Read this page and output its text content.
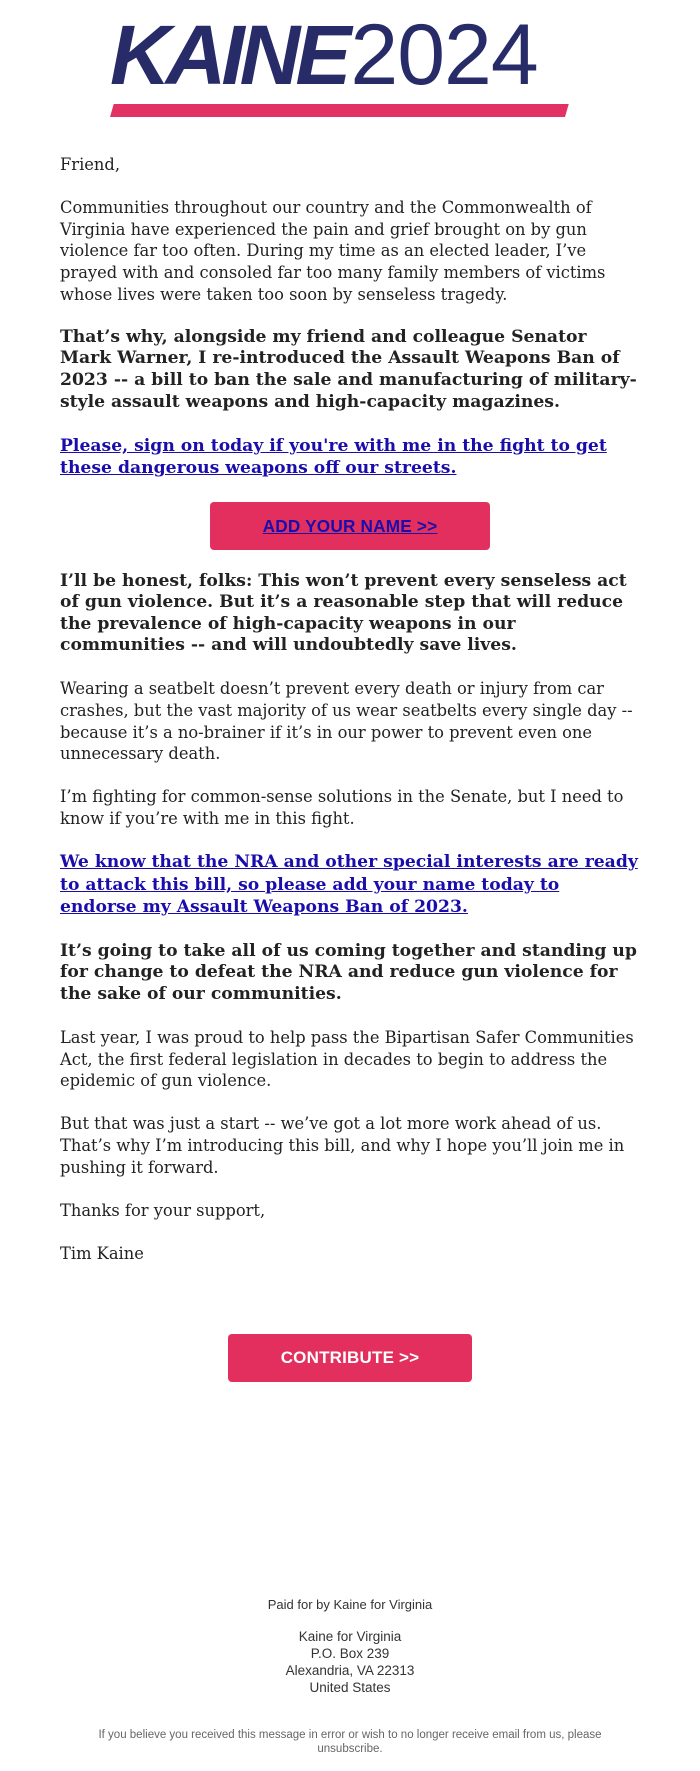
KAINE2024

Friend,

Communities throughout our country and the Commonwealth of Virginia have experienced the pain and grief brought on by gun violence far too often. During my time as an elected leader, I’ve prayed with and consoled far too many family members of victims whose lives were taken too soon by senseless tragedy.

That’s why, alongside my friend and colleague Senator Mark Warner, I re-introduced the Assault Weapons Ban of 2023 -- a bill to ban the sale and manufacturing of military-style assault weapons and high-capacity magazines.

Please, sign on today if you're with me in the fight to get these dangerous weapons off our streets.

ADD YOUR NAME >>

I’ll be honest, folks: This won’t prevent every senseless act of gun violence. But it’s a reasonable step that will reduce the prevalence of high-capacity weapons in our communities -- and will undoubtedly save lives.

Wearing a seatbelt doesn’t prevent every death or injury from car crashes, but the vast majority of us wear seatbelts every single day -- because it’s a no-brainer if it’s in our power to prevent even one unnecessary death.

I’m fighting for common-sense solutions in the Senate, but I need to know if you’re with me in this fight.

We know that the NRA and other special interests are ready to attack this bill, so please add your name today to endorse my Assault Weapons Ban of 2023.

It’s going to take all of us coming together and standing up for change to defeat the NRA and reduce gun violence for the sake of our communities.

Last year, I was proud to help pass the Bipartisan Safer Communities Act, the first federal legislation in decades to begin to address the epidemic of gun violence.

But that was just a start -- we’ve got a lot more work ahead of us. That’s why I’m introducing this bill, and why I hope you’ll join me in pushing it forward.

Thanks for your support,

Tim Kaine

CONTRIBUTE >>
Paid for by Kaine for Virginia
Kaine for Virginia
P.O. Box 239
Alexandria, VA 22313
United States
If you believe you received this message in error or wish to no longer receive email from us, please unsubscribe.
